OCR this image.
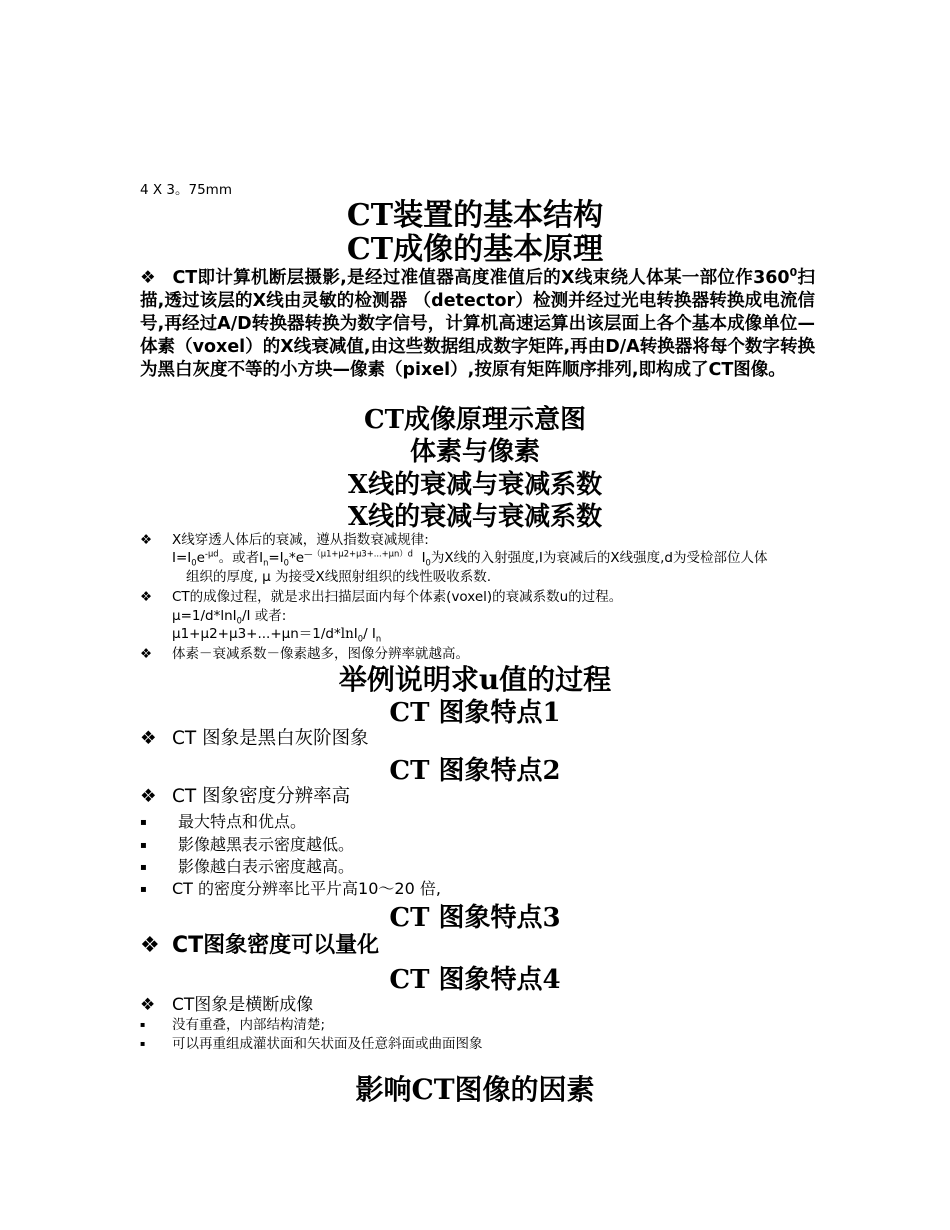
4 X 3。75mm
CT装置的基本结构
CT成像的基本原理
❖ CT即计算机断层摄影,是经过准值器高度准值后的X线束绕人体某一部位作$360^0$扫描,透过该层的X线由灵敏的检测器 （detector）检测并经过光电转换器转换成电流信号,再经过A/D转换器转换为数字信号，计算机高速运算出该层面上各个基本成像单位—体素（voxel）的X线衰减值,由这些数据组成数字矩阵,再由D/A转换器将每个数字转换为黑白灰度不等的小方块—像素（pixel）,按原有矩阵顺序排列,即构成了CT图像。
CT成像原理示意图
体素与像素
X线的衰减与衰减系数
X线的衰减与衰减系数
❖ X线穿透人体后的衰减，遵从指数衰减规律:
$I=I_0e^{-\mu d}$。或者$I_n=I_0*e^{—(\mu 1+\mu 2+\mu 3+...+\mu n)d}$ $I_0$为X线的入射强度,I为衰减后的X线强度,d为受检部位人体
组织的厚度, μ 为接受X线照射组织的线性吸收系数.
❖ CT的成像过程，就是求出扫描层面内每个体素(voxel)的衰减系数u的过程。
μ=1/d*lnI$_0$/I 或者:
μ1+μ2+μ3+...+μn＝1/d*lnI$_0$/ $I_n$
❖ 体素－衰减系数－像素越多，图像分辨率就越高。
举例说明求u值的过程
CT 图象特点1
❖ CT 图象是黑白灰阶图象
CT 图象特点2
❖ CT 图象密度分辨率高
▪ 最大特点和优点。
▪ 影像越黑表示密度越低。
▪ 影像越白表示密度越高。
▪ CT 的密度分辨率比平片高10～20 倍,
CT 图象特点3
❖ CT图象密度可以量化
CT 图象特点4
❖ CT图象是横断成像
▪ 没有重叠，内部结构清楚;
▪ 可以再重组成灌状面和矢状面及任意斜面或曲面图象
影响CT图像的因素
